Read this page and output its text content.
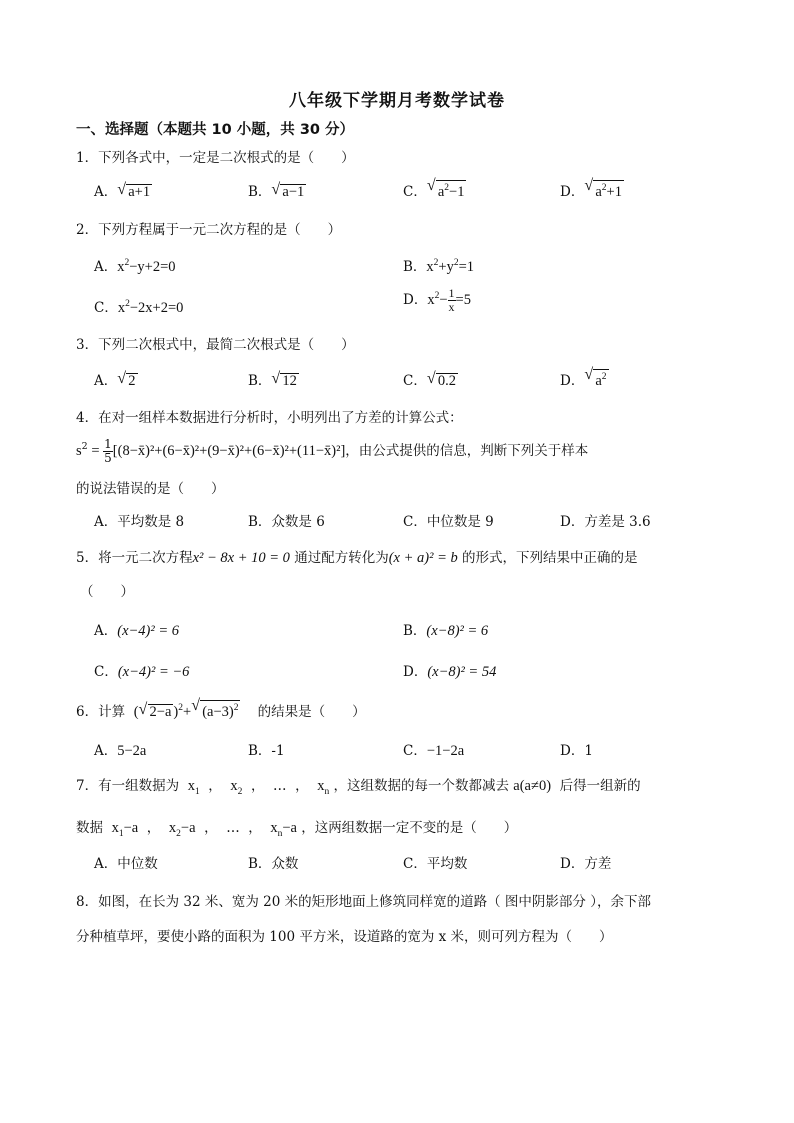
八年级下学期月考数学试卷
一、选择题（本题共 10 小题，共 30 分）
1．下列各式中，一定是二次根式的是（　　）
A． √ a+1	B． √ a−1	C． √ $a^2-1$	D． √ $a^2+1$
2．下列方程属于一元二次方程的是（　　）
A．$x^2-y+2=0$	B．$x^2+y^2=1$
C．$x^2-2x+2=0$
D．$x^2- \frac{1}{x} =5$
3．下列二次根式中，最简二次根式是（　　）
A． √ 2	B． √ 12	C． √ 0.2	D． √ $a^2$
4．在对一组样本数据进行分析时，小明列出了方差的计算公式：
$s^2 = \frac{1}{5}$ [(8−x̄)²+(6−x̄)²+(9−x̄)²+(6−x̄)²+(11−x̄)²]，由公式提供的信息，判断下列关于样本
的说法错误的是（　　）
A．平均数是 8	B．众数是 6	C．中位数是 9	D．方差是 3.6
5．将一元二次方程x² − 8x + 10 = 0 通过配方转化为(x + a)² = b 的形式，下列结果中正确的是
（　　）
A．(x−4)² = 6	B．(x−8)² = 6
C．(x−4)² = −6	D．(x−8)² = 54
6．计算 ( √ 2−a )$^2$+ √ $(a-3)^2$ 的结果是（　　）
A．5−2a	B．-1	C．−1−2a	D．1
7．有一组数据为 $x_1$  ，  $x_2$  ，  …  ，  $x_n$ ，这组数据的每一个数都减去 a(a≠0) 后得一组新的
数据 $x_1-a$  ，  $x_2-a$  ，  …  ，  $x_n-a$ ，这两组数据一定不变的是（　　）
A．中位数	B．众数	C．平均数	D．方差
8．如图，在长为 32 米、宽为 20 米的矩形地面上修筑同样宽的道路（ 图中阴影部分 ），余下部
分种植草坪，要使小路的面积为 100 平方米，设道路的宽为 x 米，则可列方程为（　　）
